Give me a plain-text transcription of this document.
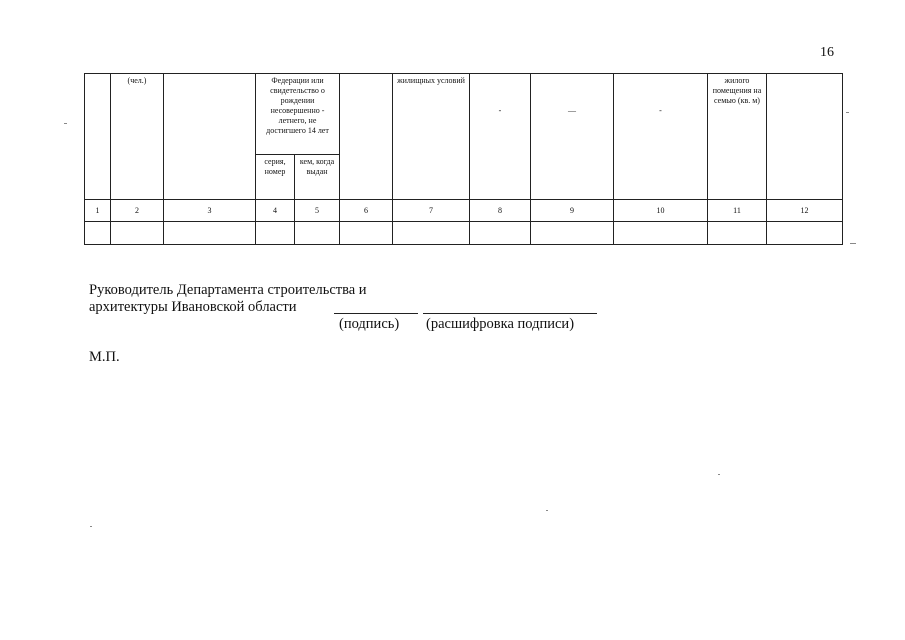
16
	(чел.)		Федерации или свидетельство о рождении несовершенно - летнего, не достигшего 14 лет			жилищных условий	-	—	-	жилого помещения на семью (кв. м)	
			серия, номер	кем, когда выдан							
1	2	3	4	5	6	7	8	9	10	11	12

Руководитель Департамента строительства и
архитектуры Ивановской области
(подпись) (расшифровка подписи)
М.П.
